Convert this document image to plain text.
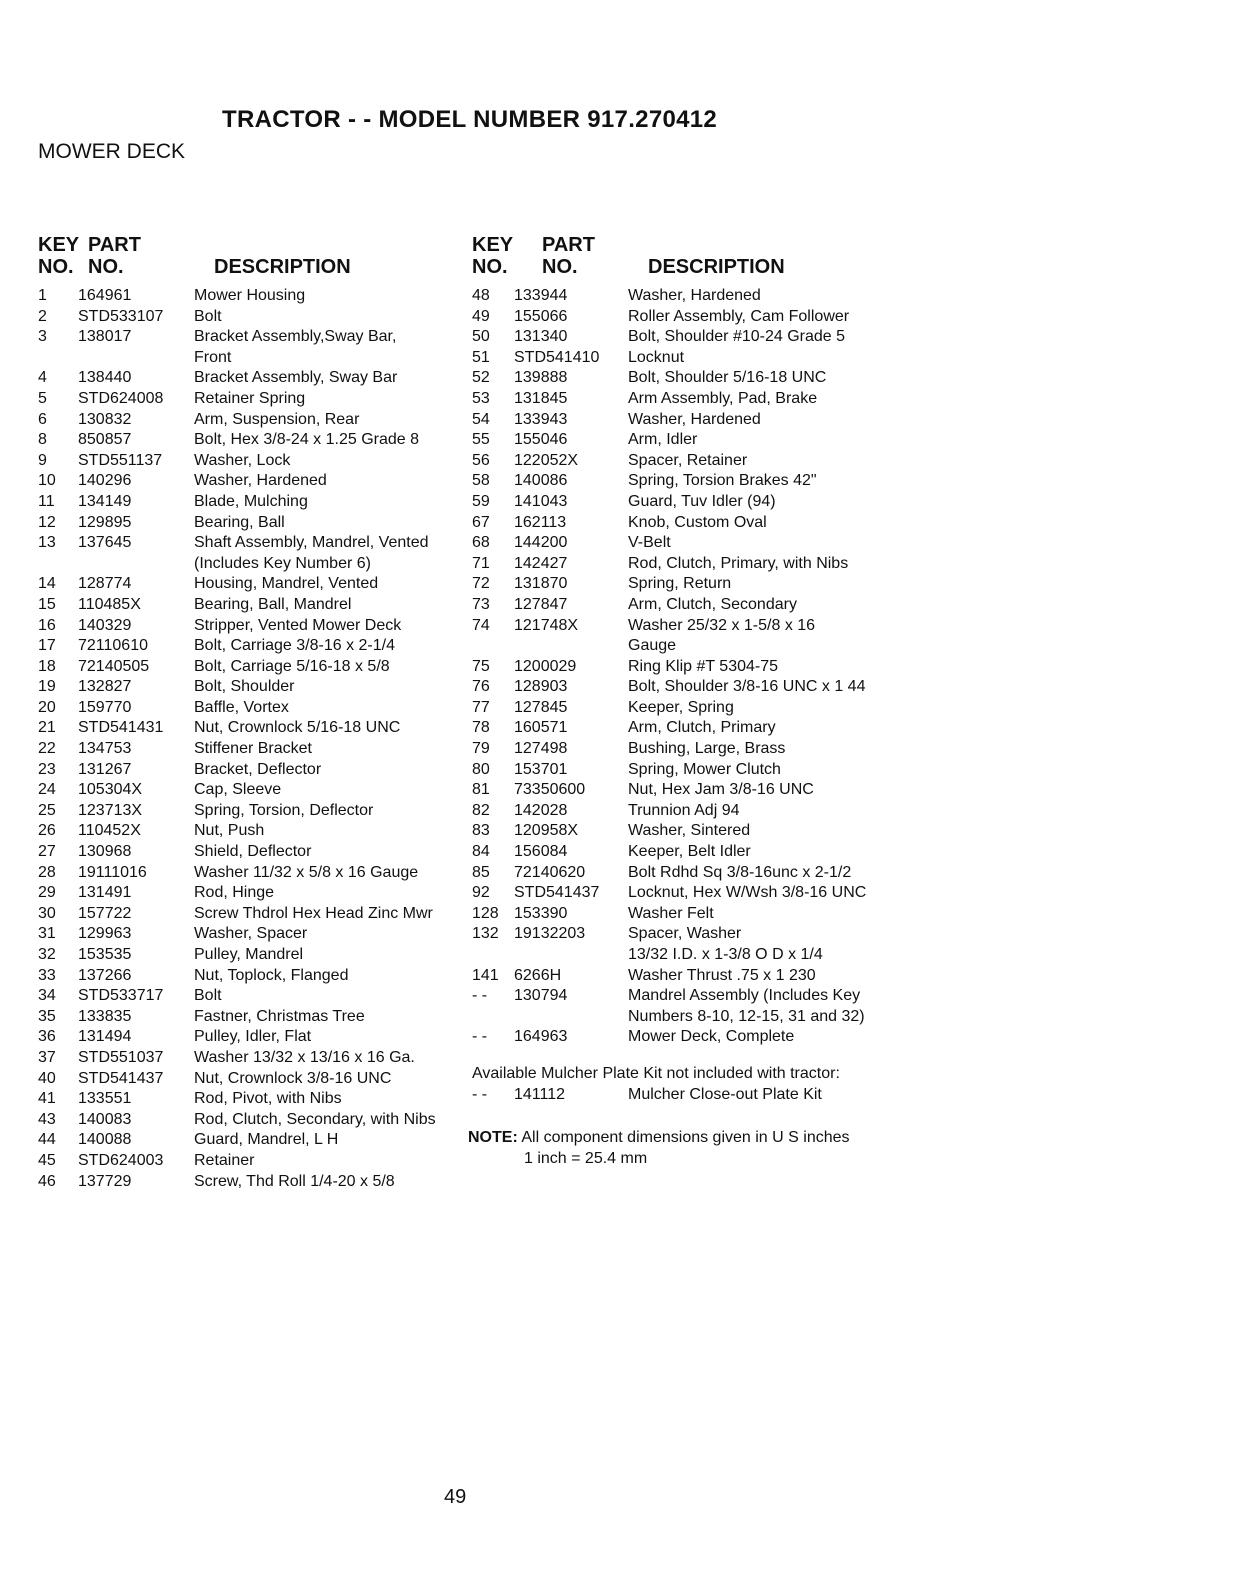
TRACTOR - - MODEL NUMBER 917.270412
MOWER DECK
KEY
NO.
PART
NO.	DESCRIPTION
1	164961	Mower Housing
2	STD533107	Bolt
3	138017	Bracket Assembly,Sway Bar,
Front
4	138440	Bracket Assembly, Sway Bar
5	STD624008	Retainer Spring
6	130832	Arm, Suspension, Rear
8	850857	Bolt, Hex 3/8-24 x 1.25 Grade 8
9	STD551137	Washer, Lock
10	140296	Washer, Hardened
11	134149	Blade, Mulching
12	129895	Bearing, Ball
13	137645	Shaft Assembly, Mandrel, Vented
(Includes Key Number 6)
14	128774	Housing, Mandrel, Vented
15	110485X	Bearing, Ball, Mandrel
16	140329	Stripper, Vented Mower Deck
17	72110610	Bolt, Carriage 3/8-16 x 2-1/4
18	72140505	Bolt, Carriage 5/16-18 x 5/8
19	132827	Bolt, Shoulder
20	159770	Baffle, Vortex
21	STD541431	Nut, Crownlock 5/16-18 UNC
22	134753	Stiffener Bracket
23	131267	Bracket, Deflector
24	105304X	Cap, Sleeve
25	123713X	Spring, Torsion, Deflector
26	110452X	Nut, Push
27	130968	Shield, Deflector
28	19111016	Washer 11/32 x 5/8 x 16 Gauge
29	131491	Rod, Hinge
30	157722	Screw Thdrol Hex Head Zinc Mwr
31	129963	Washer, Spacer
32	153535	Pulley, Mandrel
33	137266	Nut, Toplock, Flanged
34	STD533717	Bolt
35	133835	Fastner, Christmas Tree
36	131494	Pulley, Idler, Flat
37	STD551037	Washer 13/32 x 13/16 x 16 Ga.
40	STD541437	Nut, Crownlock 3/8-16 UNC
41	133551	Rod, Pivot, with Nibs
43	140083	Rod, Clutch, Secondary, with Nibs
44	140088	Guard, Mandrel, L H
45	STD624003	Retainer
46	137729	Screw, Thd Roll 1/4-20 x 5/8
KEY
NO.
PART
NO.	DESCRIPTION
48	133944	Washer, Hardened
49	155066	Roller Assembly, Cam Follower
50	131340	Bolt, Shoulder #10-24 Grade 5
51	STD541410	Locknut
52	139888	Bolt, Shoulder 5/16-18 UNC
53	131845	Arm Assembly, Pad, Brake
54	133943	Washer, Hardened
55	155046	Arm, Idler
56	122052X	Spacer, Retainer
58	140086	Spring, Torsion Brakes 42"
59	141043	Guard, Tuv Idler (94)
67	162113	Knob, Custom Oval
68	144200	V-Belt
71	142427	Rod, Clutch, Primary, with Nibs
72	131870	Spring, Return
73	127847	Arm, Clutch, Secondary
74	121748X	Washer 25/32 x 1-5/8 x 16
Gauge
75	1200029	Ring Klip #T 5304-75
76	128903	Bolt, Shoulder 3/8-16 UNC x 1 44
77	127845	Keeper, Spring
78	160571	Arm, Clutch, Primary
79	127498	Bushing, Large, Brass
80	153701	Spring, Mower Clutch
81	73350600	Nut, Hex Jam 3/8-16 UNC
82	142028	Trunnion Adj 94
83	120958X	Washer, Sintered
84	156084	Keeper, Belt Idler
85	72140620	Bolt Rdhd Sq 3/8-16unc x 2-1/2
92	STD541437	Locknut, Hex W/Wsh 3/8-16 UNC
128 153390	Washer Felt
132 19132203	Spacer, Washer
13/32 I.D. x 1-3/8 O D x 1/4
141 6266H	Washer Thrust .75 x 1 230
- -	130794	Mandrel Assembly (Includes Key
Numbers 8-10, 12-15, 31 and 32)
- -	164963	Mower Deck, Complete
Available Mulcher Plate Kit not included with tractor:
- -	141112	Mulcher Close-out Plate Kit
NOTE: All component dimensions given in U S inches
1 inch = 25.4 mm
49
